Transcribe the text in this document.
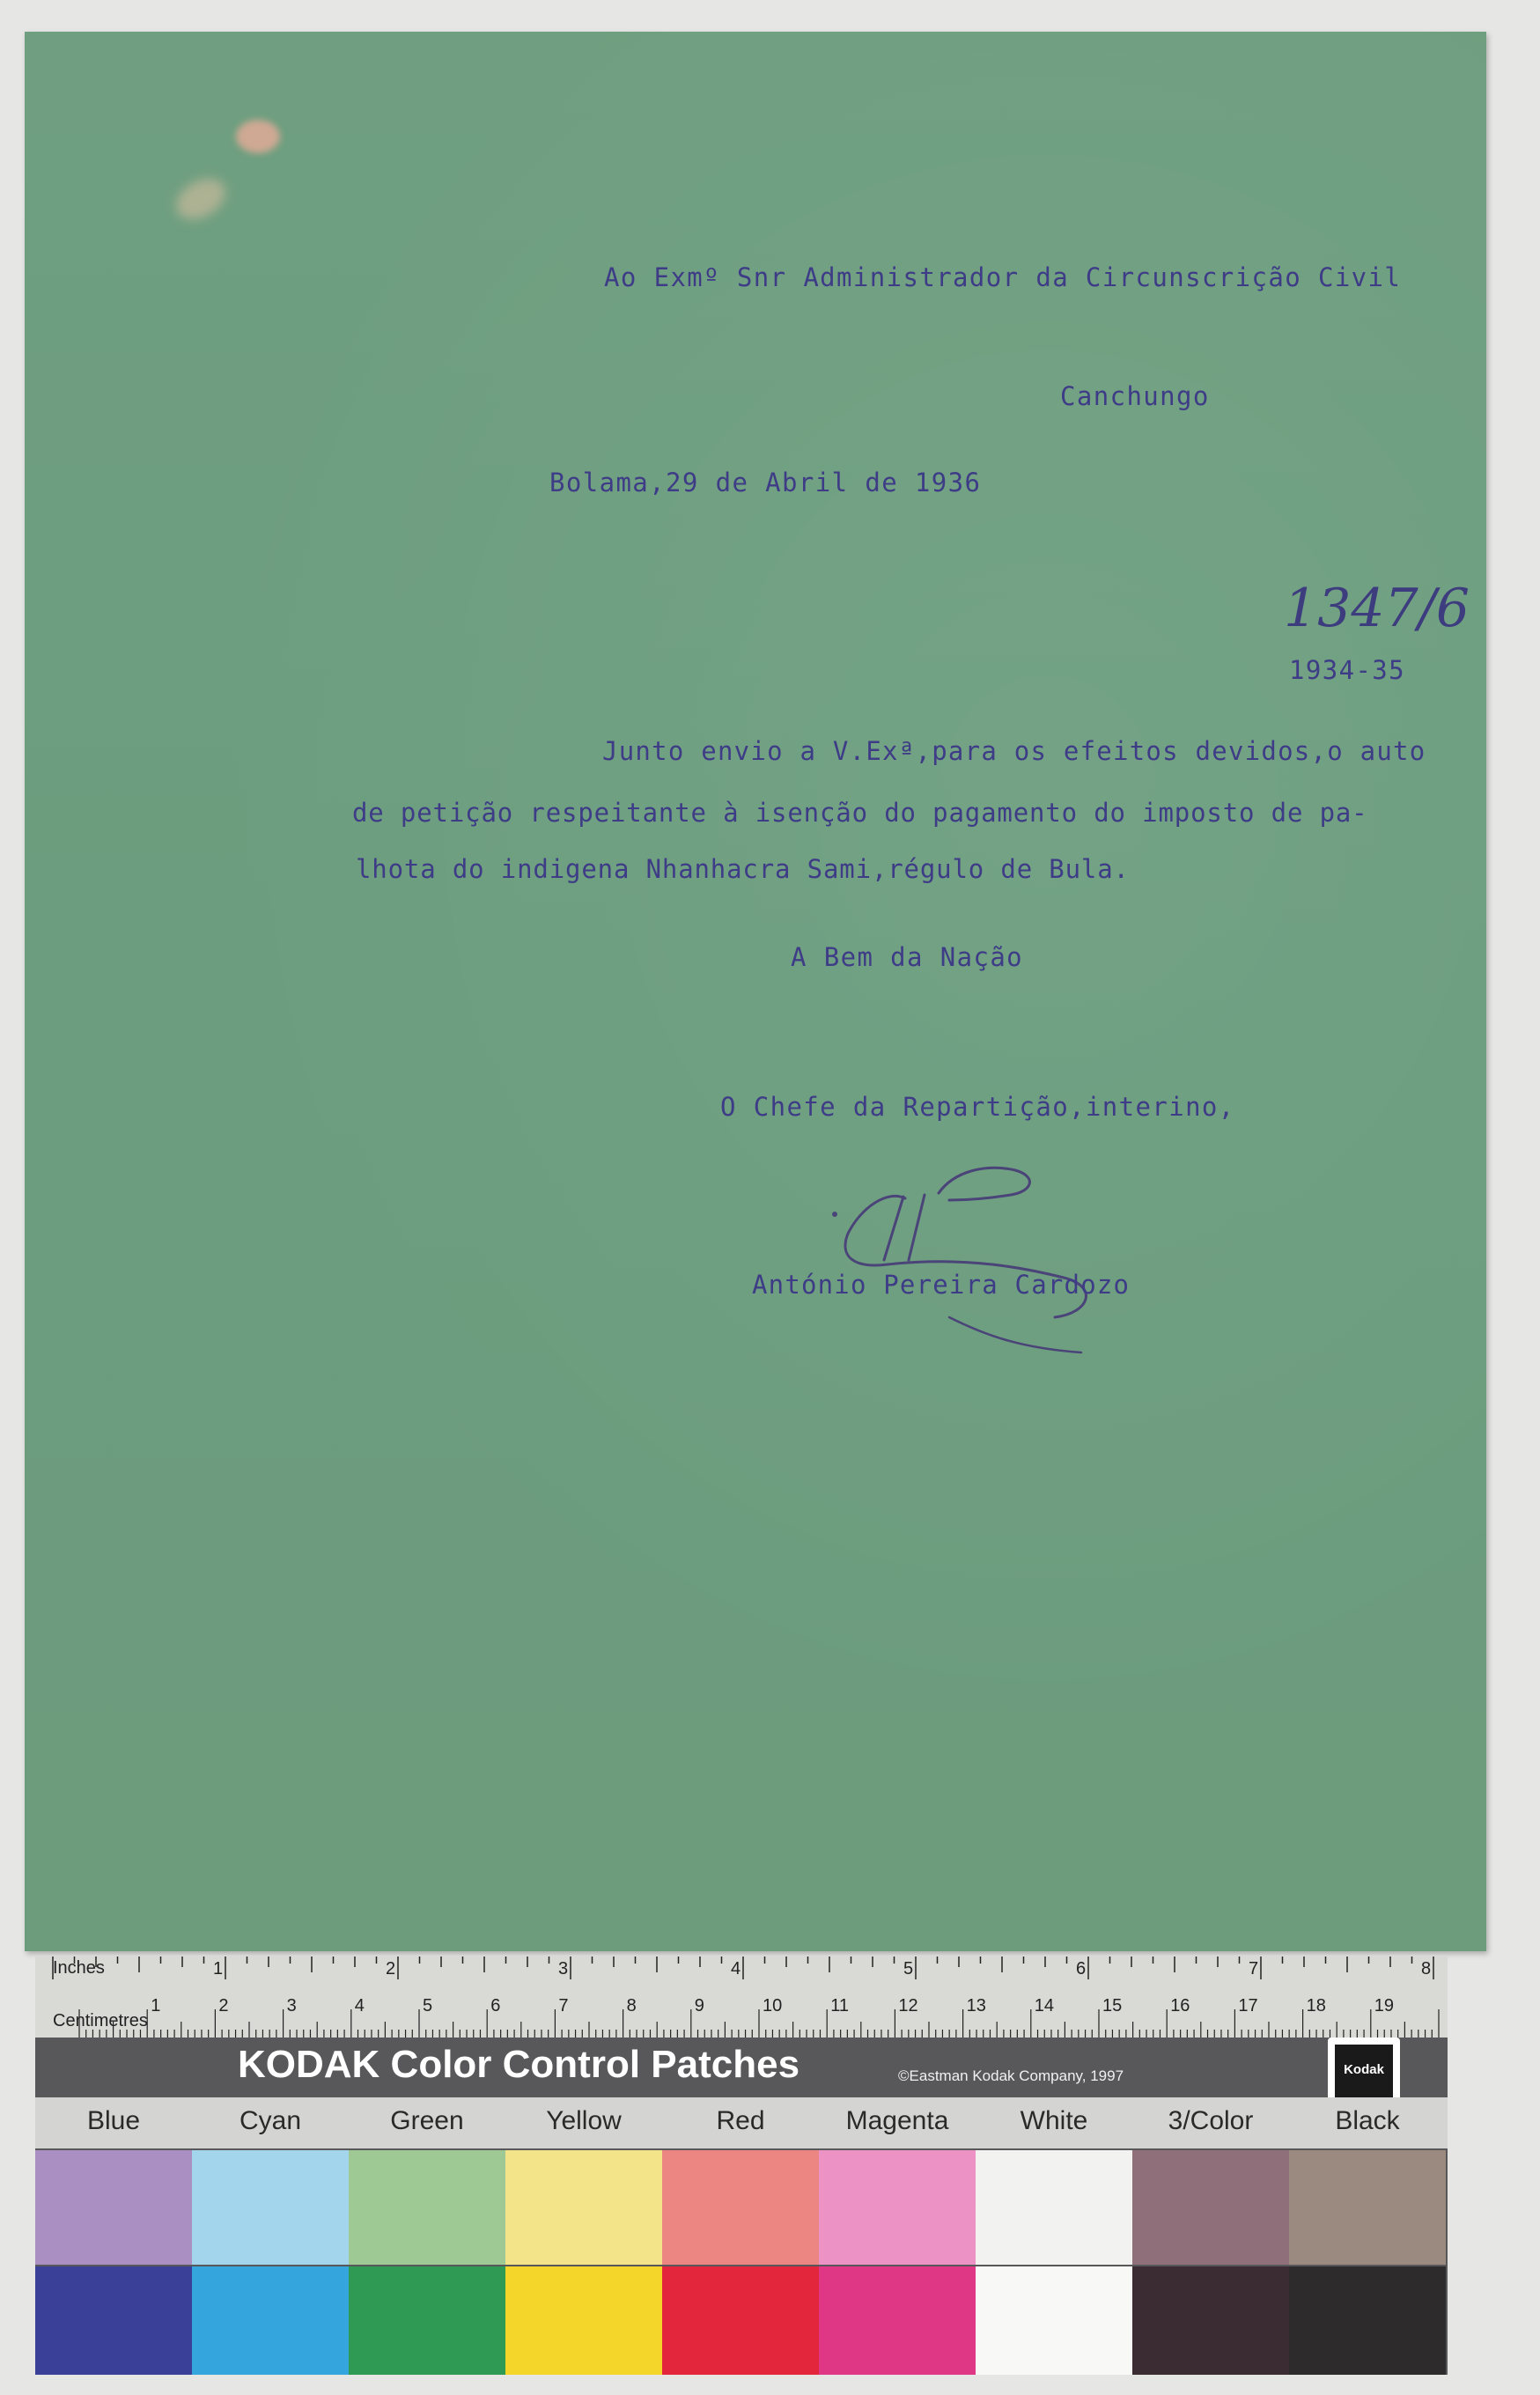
Ao Exmº Snr Administrador da Circunscrição Civil

Canchungo

Bolama,29 de Abril de 1936

1347/6

1934-35

Junto envio a V.Exª,para os efeitos devidos,o auto

de petição respeitante à isenção do pagamento do imposto de pa-

lhota do indigena Nhanhacra Sami,régulo de Bula.

A Bem da Nação

O Chefe da Repartição,interino,

António Pereira Cardozo

1	2	3	4	5	6	7	8
1	2	3	4	5	6	7	8	9	10	11	12	13	14	15	16	17	18	19
Inches
Centimetres
KODAK Color Control Patches	©Eastman Kodak Company, 1997	Kodak
Blue	Cyan	Green	Yellow	Red	Magenta	White	3/Color	Black
